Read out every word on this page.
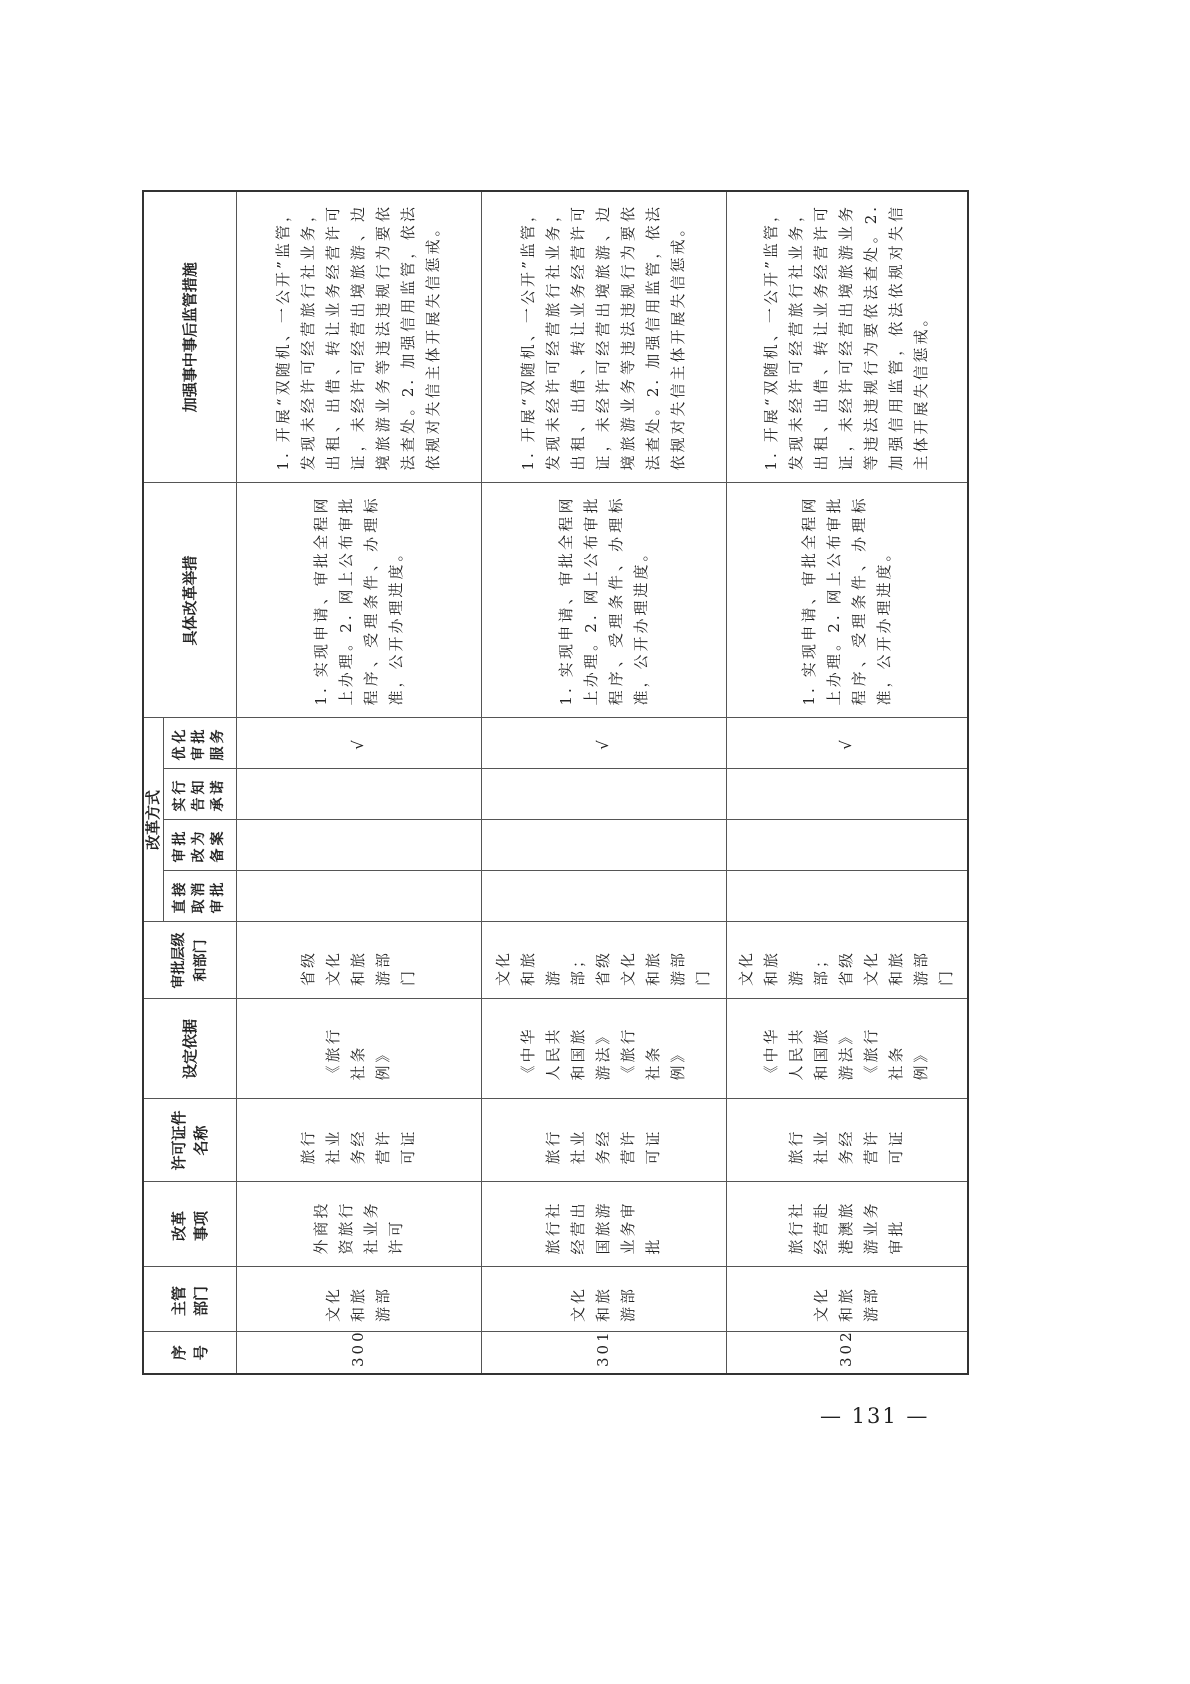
序号	主管部门	改革事项	许可证件名称	设定依据	审批层级和部门	改革方式				具体改革举措	加强事中事后监管措施
						直接取消审批	审批改为备案	实行告知承诺	优化审批服务		
300	文化和旅游部	外商投资旅行社业务许可	旅行社业务经营许可证	《旅行社条例》	省级文化和旅游部门				√	1. 实现申请、审批全程网上办理。2. 网上公布审批程序、受理条件、办理标准，公开办理进度。	1. 开展“双随机、一公开”监管，发现未经许可经营旅行社业务，出租、出借、转让业务经营许可证，未经许可经营出境旅游、边境旅游业务等违法违规行为要依法查处。2. 加强信用监管，依法依规对失信主体开展失信惩戒。
301	文化和旅游部	旅行社经营出国旅游业务审批	旅行社业务经营许可证	《中华人民共和国旅游法》《旅行社条例》	文化和旅游部；省级文化和旅游部门				√	1. 实现申请、审批全程网上办理。2. 网上公布审批程序、受理条件、办理标准，公开办理进度。	1. 开展“双随机、一公开”监管，发现未经许可经营旅行社业务，出租、出借、转让业务经营许可证，未经许可经营出境旅游、边境旅游业务等违法违规行为要依法查处。2. 加强信用监管，依法依规对失信主体开展失信惩戒。
302	文化和旅游部	旅行社经营赴港澳旅游业务审批	旅行社业务经营许可证	《中华人民共和国旅游法》《旅行社条例》	文化和旅游部；省级文化和旅游部门				√	1. 实现申请、审批全程网上办理。2. 网上公布审批程序、受理条件、办理标准，公开办理进度。	1. 开展“双随机、一公开”监管，发现未经许可经营旅行社业务，出租、出借、转让业务经营许可证，未经许可经营出境旅游业务等违法违规行为要依法查处。2. 加强信用监管，依法依规对失信主体开展失信惩戒。
— 131 —
